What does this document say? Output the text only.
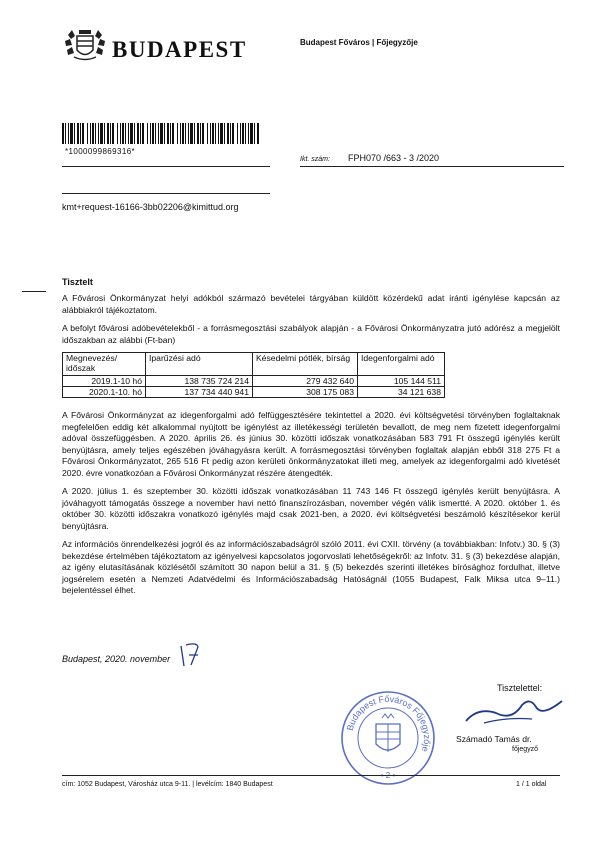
BUDAPEST	Budapest Főváros | Főjegyzője
*1000099869316*
Ikt. szám: FPH070 /663 - 3 /2020
kmt+request-16166-3bb02206@kimittud.org
Tisztelt

A Fővárosi Önkormányzat helyi adókból származó bevételei tárgyában küldött közérdekű adat iránti igénylése kapcsán az alábbiakról tájékoztatom.

A befolyt fővárosi adóbevételekből - a forrásmegosztási szabályok alapján - a Fővárosi Önkormányzatra jutó adórész a megjelölt időszakban az alábbi (Ft-ban)

Megnevezés/ időszak	Iparűzési adó	Késedelmi pótlék, bírság	Idegenforgalmi adó
2019.1-10 hó	138 735 724 214	279 432 640	105 144 511
2020.1-10. hó	137 734 440 941	308 175 083	34 121 638

A Fővárosi Önkormányzat az idegenforgalmi adó felfüggesztésére tekintettel a 2020. évi költségvetési törvényben foglaltaknak megfelelően eddig két alkalommal nyújtott be igénylést az illetékességi területén bevallott, de meg nem fizetett idegenforgalmi adóval összefüggésben. A 2020. április 26. és június 30. közötti időszak vonatkozásában 583 791 Ft összegű igénylés került benyújtásra, amely teljes egészében jóváhagyásra került. A forrásmegosztási törvényben foglaltak alapján ebből 318 275 Ft a Fővárosi Önkormányzatot, 265 516 Ft pedig azon kerületi önkormányzatokat illeti meg, amelyek az idegenforgalmi adó kivetését 2020. évre vonatkozóan a Fővárosi Önkormányzat részére átengedték.

A 2020. július 1. és szeptember 30. közötti időszak vonatkozásában 11 743 146 Ft összegű igénylés került benyújtásra. A jóváhagyott támogatás összege a november havi nettó finanszírozásban, november végén válik ismertté. A 2020. október 1. és október 30. közötti időszakra vonatkozó igénylés majd csak 2021-ben, a 2020. évi költségvetési beszámoló készítésekor kerül benyújtásra.

Az információs önrendelkezési jogról és az információszabadságról szóló 2011. évi CXII. törvény (a továbbiakban: Infotv.) 30. § (3) bekezdése értelmében tájékoztatom az igényelvesi kapcsolatos jogorvoslati lehetőségekről: az Infotv. 31. § (3) bekezdése alapján, az igény elutasításának közlésétől számított 30 napon belül a 31. § (5) bekezdés szerinti illetékes bírósághoz fordulhat, illetve jogsérelem esetén a Nemzeti Adatvédelmi és Információszabadság Hatóságnál (1055 Budapest, Falk Miksa utca 9–11.) bejelentéssel élhet.

Budapest, 2020. november
Tisztelettel:
Budapest Főváros Főjegyzője
Számadó Tamás dr.
főjegyző
cím: 1052 Budapest, Városház utca 9-11. | levélcím: 1840 Budapest	1 / 1 oldal
